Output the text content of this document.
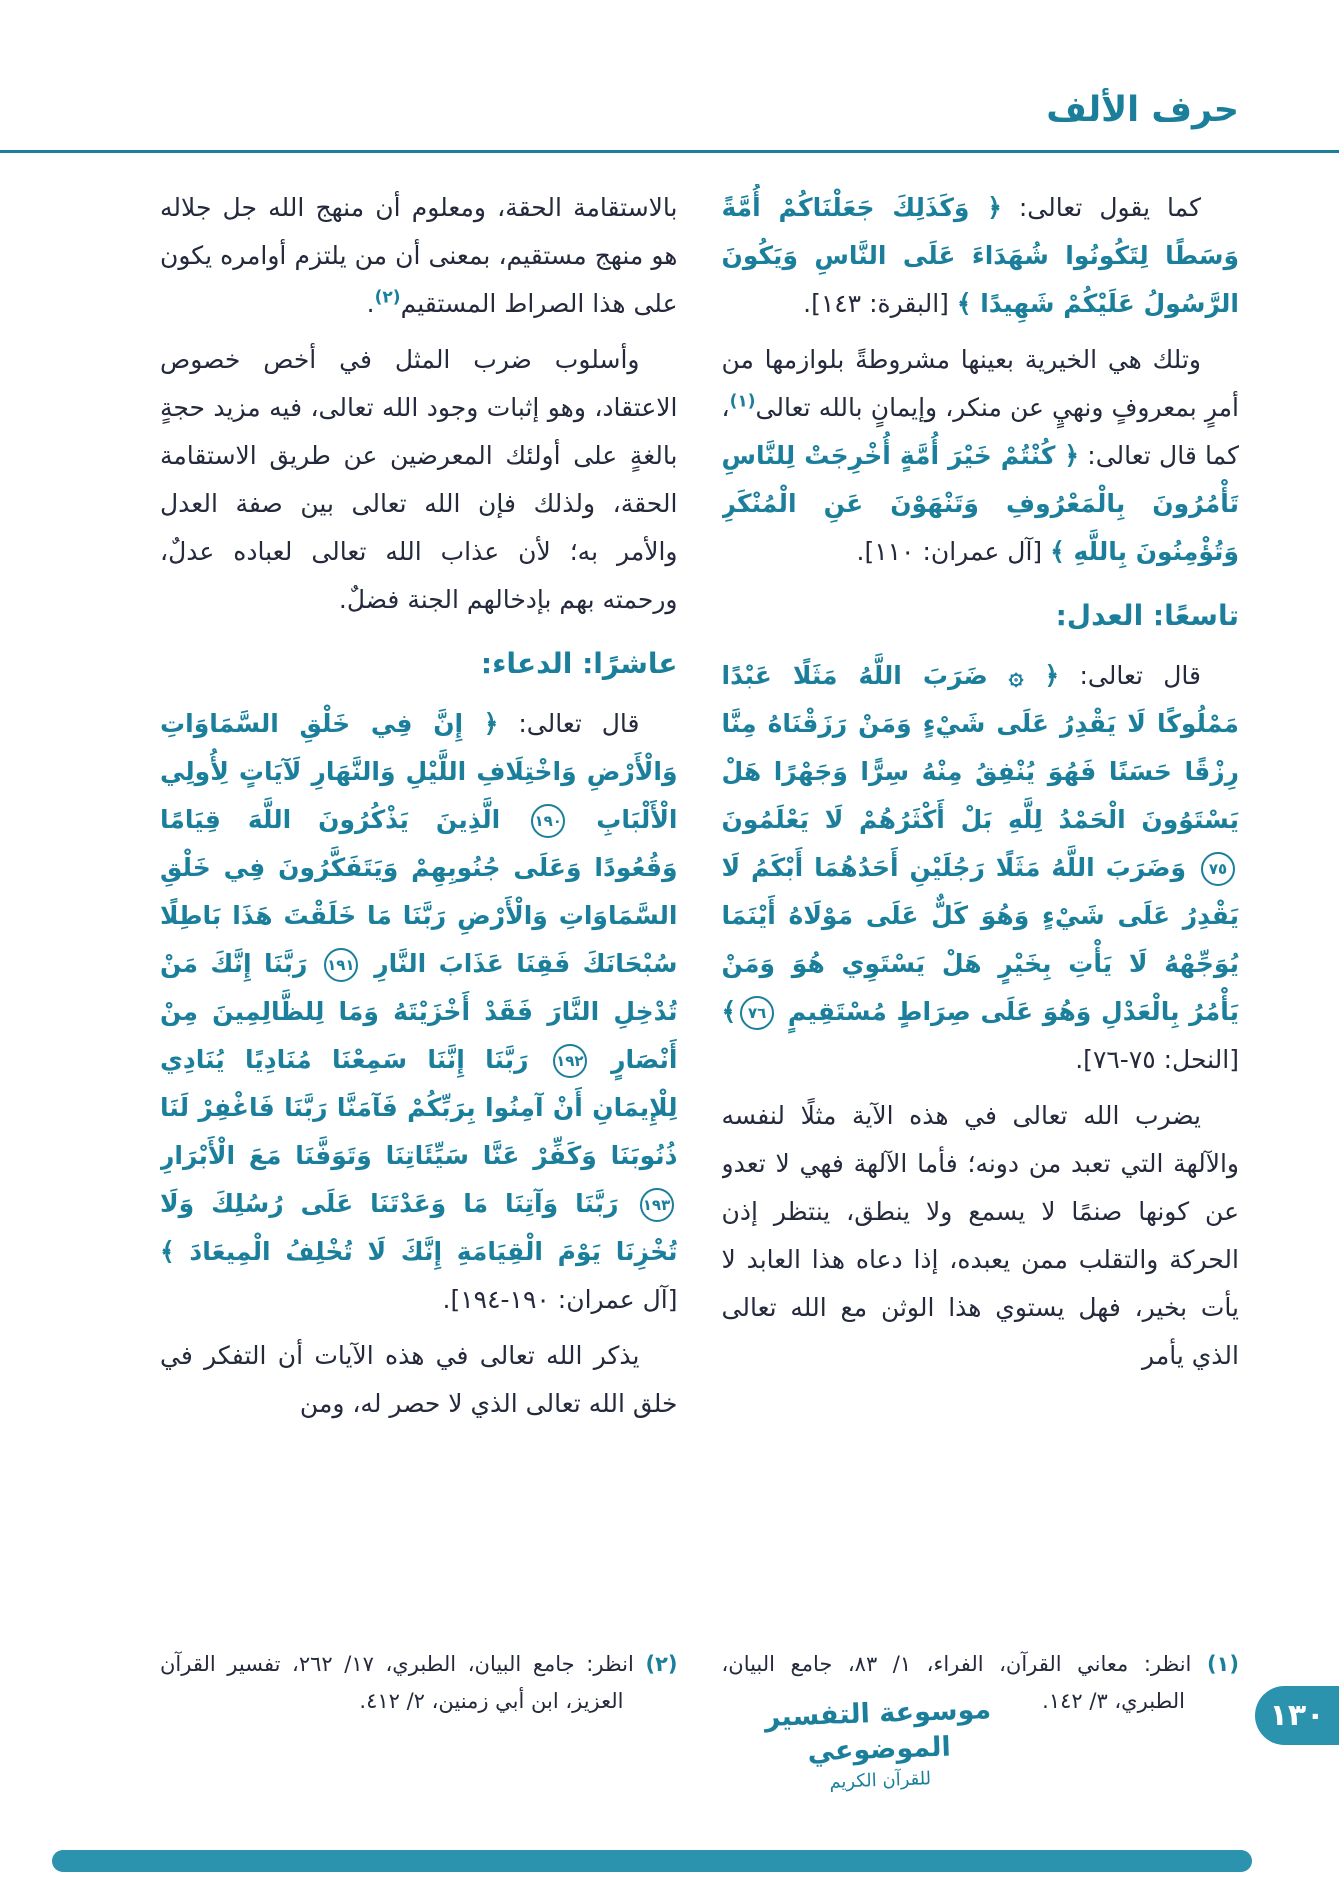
حرف الألف

كما يقول تعالى: ﴿ وَكَذَلِكَ جَعَلْنَاكُمْ أُمَّةً وَسَطًا لِتَكُونُوا شُهَدَاءَ عَلَى النَّاسِ وَيَكُونَ الرَّسُولُ عَلَيْكُمْ شَهِيدًا ﴾ [البقرة: ١٤٣].

وتلك هي الخيرية بعينها مشروطةً بلوازمها من أمرٍ بمعروفٍ ونهيٍ عن منكر، وإيمانٍ بالله تعالى$^{(١)}$، كما قال تعالى: ﴿ كُنْتُمْ خَيْرَ أُمَّةٍ أُخْرِجَتْ لِلنَّاسِ تَأْمُرُونَ بِالْمَعْرُوفِ وَتَنْهَوْنَ عَنِ الْمُنْكَرِ وَتُؤْمِنُونَ بِاللَّهِ ﴾ [آل عمران: ١١٠].

تاسعًا: العدل:

قال تعالى: ﴿ ۞ ضَرَبَ اللَّهُ مَثَلًا عَبْدًا مَمْلُوكًا لَا يَقْدِرُ عَلَى شَيْءٍ وَمَنْ رَزَقْنَاهُ مِنَّا رِزْقًا حَسَنًا فَهُوَ يُنْفِقُ مِنْهُ سِرًّا وَجَهْرًا هَلْ يَسْتَوُونَ الْحَمْدُ لِلَّهِ بَلْ أَكْثَرُهُمْ لَا يَعْلَمُونَ ٧٥ وَضَرَبَ اللَّهُ مَثَلًا رَجُلَيْنِ أَحَدُهُمَا أَبْكَمُ لَا يَقْدِرُ عَلَى شَيْءٍ وَهُوَ كَلٌّ عَلَى مَوْلَاهُ أَيْنَمَا يُوَجِّهْهُ لَا يَأْتِ بِخَيْرٍ هَلْ يَسْتَوِي هُوَ وَمَنْ يَأْمُرُ بِالْعَدْلِ وَهُوَ عَلَى صِرَاطٍ مُسْتَقِيمٍ ٧٦﴾ [النحل: ٧٥-٧٦].

يضرب الله تعالى في هذه الآية مثلًا لنفسه والآلهة التي تعبد من دونه؛ فأما الآلهة فهي لا تعدو عن كونها صنمًا لا يسمع ولا ينطق، ينتظر إذن الحركة والتقلب ممن يعبده، إذا دعاه هذا العابد لا يأت بخير، فهل يستوي هذا الوثن مع الله تعالى الذي يأمر

(١) انظر: معاني القرآن، الفراء، ١/ ٨٣، جامع البيان، الطبري، ٣/ ١٤٢.

بالاستقامة الحقة، ومعلوم أن منهج الله جل جلاله هو منهج مستقيم، بمعنى أن من يلتزم أوامره يكون على هذا الصراط المستقيم$^{(٢)}$.

وأسلوب ضرب المثل في أخص خصوص الاعتقاد، وهو إثبات وجود الله تعالى، فيه مزيد حجةٍ بالغةٍ على أولئك المعرضين عن طريق الاستقامة الحقة، ولذلك فإن الله تعالى بين صفة العدل والأمر به؛ لأن عذاب الله تعالى لعباده عدلٌ، ورحمته بهم بإدخالهم الجنة فضلٌ.

عاشرًا: الدعاء:

قال تعالى: ﴿ إِنَّ فِي خَلْقِ السَّمَاوَاتِ وَالْأَرْضِ وَاخْتِلَافِ اللَّيْلِ وَالنَّهَارِ لَآيَاتٍ لِأُولِي الْأَلْبَابِ ١٩٠ الَّذِينَ يَذْكُرُونَ اللَّهَ قِيَامًا وَقُعُودًا وَعَلَى جُنُوبِهِمْ وَيَتَفَكَّرُونَ فِي خَلْقِ السَّمَاوَاتِ وَالْأَرْضِ رَبَّنَا مَا خَلَقْتَ هَذَا بَاطِلًا سُبْحَانَكَ فَقِنَا عَذَابَ النَّارِ ١٩١ رَبَّنَا إِنَّكَ مَنْ تُدْخِلِ النَّارَ فَقَدْ أَخْزَيْتَهُ وَمَا لِلظَّالِمِينَ مِنْ أَنْصَارٍ ١٩٢ رَبَّنَا إِنَّنَا سَمِعْنَا مُنَادِيًا يُنَادِي لِلْإِيمَانِ أَنْ آمِنُوا بِرَبِّكُمْ فَآمَنَّا رَبَّنَا فَاغْفِرْ لَنَا ذُنُوبَنَا وَكَفِّرْ عَنَّا سَيِّئَاتِنَا وَتَوَفَّنَا مَعَ الْأَبْرَارِ ١٩٣ رَبَّنَا وَآتِنَا مَا وَعَدْتَنَا عَلَى رُسُلِكَ وَلَا تُخْزِنَا يَوْمَ الْقِيَامَةِ إِنَّكَ لَا تُخْلِفُ الْمِيعَادَ ﴾ [آل عمران: ١٩٠-١٩٤].

يذكر الله تعالى في هذه الآيات أن التفكر في خلق الله تعالى الذي لا حصر له، ومن

(٢) انظر: جامع البيان، الطبري، ١٧/ ٢٦٢، تفسير القرآن العزيز، ابن أبي زمنين، ٢/ ٤١٢.	موسوعة التفسير الموضوعي
للقرآن الكريم
١٣٠
